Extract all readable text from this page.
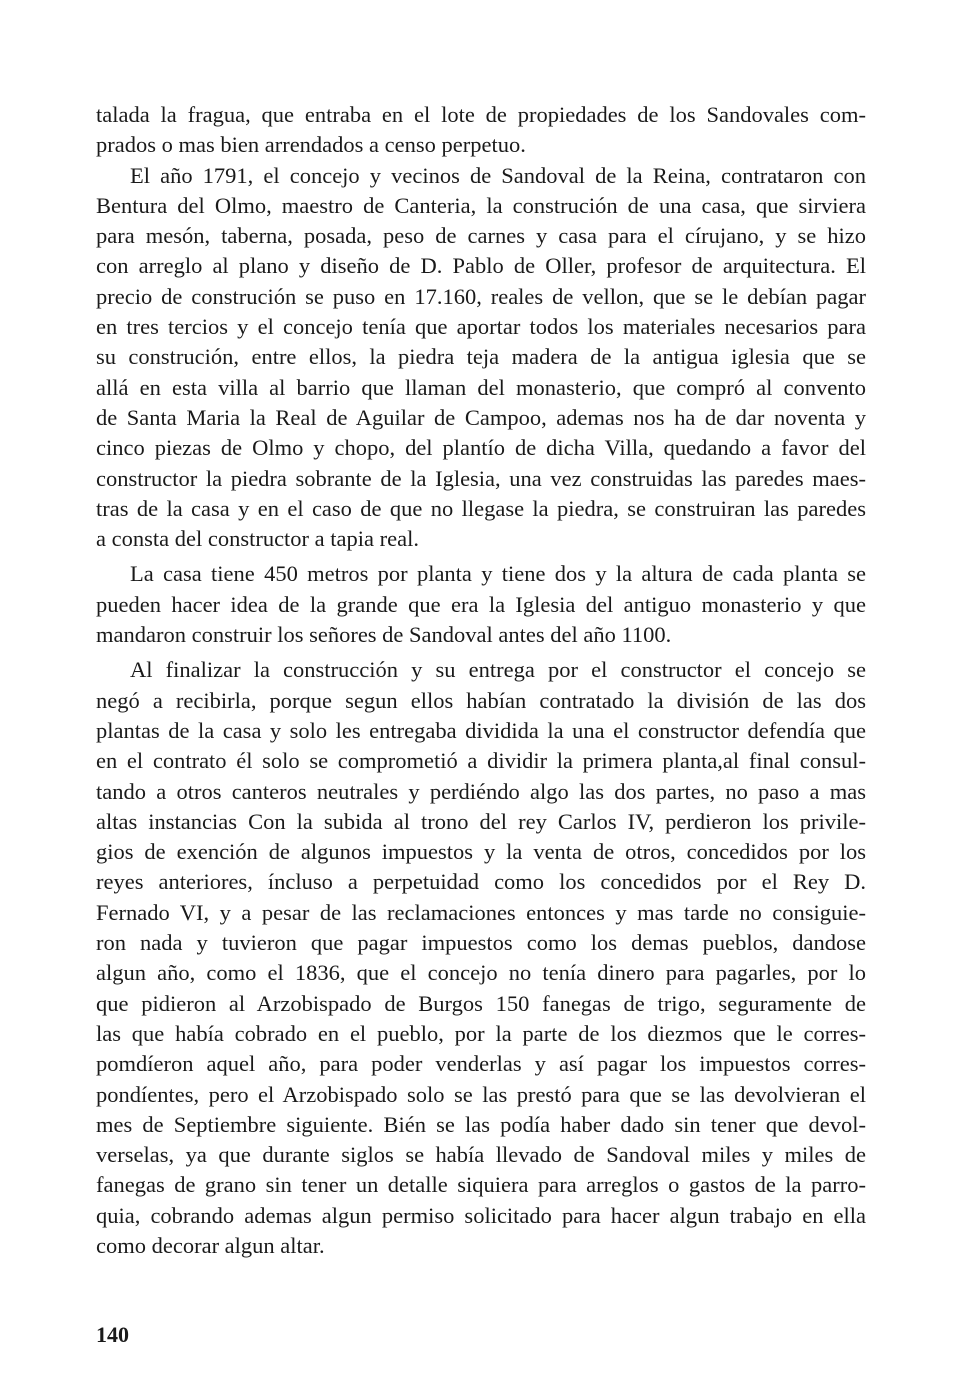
talada la fragua, que entraba en el lote de propiedades de los Sandovales com-
prados o mas bien arrendados a censo perpetuo.
El año 1791, el concejo y vecinos de Sandoval de la Reina, contrataron con
Bentura del Olmo, maestro de Canteria, la construción de una casa, que sirviera
para mesón, taberna, posada, peso de carnes y casa para el círujano, y se hizo
con arreglo al plano y diseño de D. Pablo de Oller, profesor de arquitectura. El
precio de construción se puso en 17.160, reales de vellon, que se le debían pagar
en tres tercios y el concejo tenía que aportar todos los materiales necesarios para
su construción, entre ellos, la piedra teja madera de la antigua iglesia que se
allá en esta villa al barrio que llaman del monasterio, que compró al convento
de Santa Maria la Real de Aguilar de Campoo, ademas nos ha de dar noventa y
cinco piezas de Olmo y chopo, del plantío de dicha Villa, quedando a favor del
constructor la piedra sobrante de la Iglesia, una vez construidas las paredes maes-
tras de la casa y en el caso de que no llegase la piedra, se construiran las paredes
a consta del constructor a tapia real.
La casa tiene 450 metros por planta y tiene dos y la altura de cada planta se
pueden hacer idea de la grande que era la Iglesia del antiguo monasterio y que
mandaron construir los señores de Sandoval antes del año 1100.
Al finalizar la construcción y su entrega por el constructor el concejo se
negó a recibirla, porque segun ellos habían contratado la división de las dos
plantas de la casa y solo les entregaba dividida la una el constructor defendía que
en el contrato él solo se comprometió a dividir la primera planta,al final consul-
tando a otros canteros neutrales y perdiéndo algo las dos partes, no paso a mas
altas instancias Con la subida al trono del rey Carlos IV, perdieron los privile-
gios de exención de algunos impuestos y la venta de otros, concedidos por los
reyes anteriores, íncluso a perpetuidad como los concedidos por el Rey D.
Fernado VI, y a pesar de las reclamaciones entonces y mas tarde no consiguie-
ron nada y tuvieron que pagar impuestos como los demas pueblos, dandose
algun año, como el 1836, que el concejo no tenía dinero para pagarles, por lo
que pidieron al Arzobispado de Burgos 150 fanegas de trigo, seguramente de
las que había cobrado en el pueblo, por la parte de los diezmos que le corres-
pomdíeron aquel año, para poder venderlas y así pagar los impuestos corres-
pondíentes, pero el Arzobispado solo se las prestó para que se las devolvieran el
mes de Septiembre siguiente. Bién se las podía haber dado sin tener que devol-
verselas, ya que durante siglos se había llevado de Sandoval miles y miles de
fanegas de grano sin tener un detalle siquiera para arreglos o gastos de la parro-
quia, cobrando ademas algun permiso solicitado para hacer algun trabajo en ella
como decorar algun altar.
140
